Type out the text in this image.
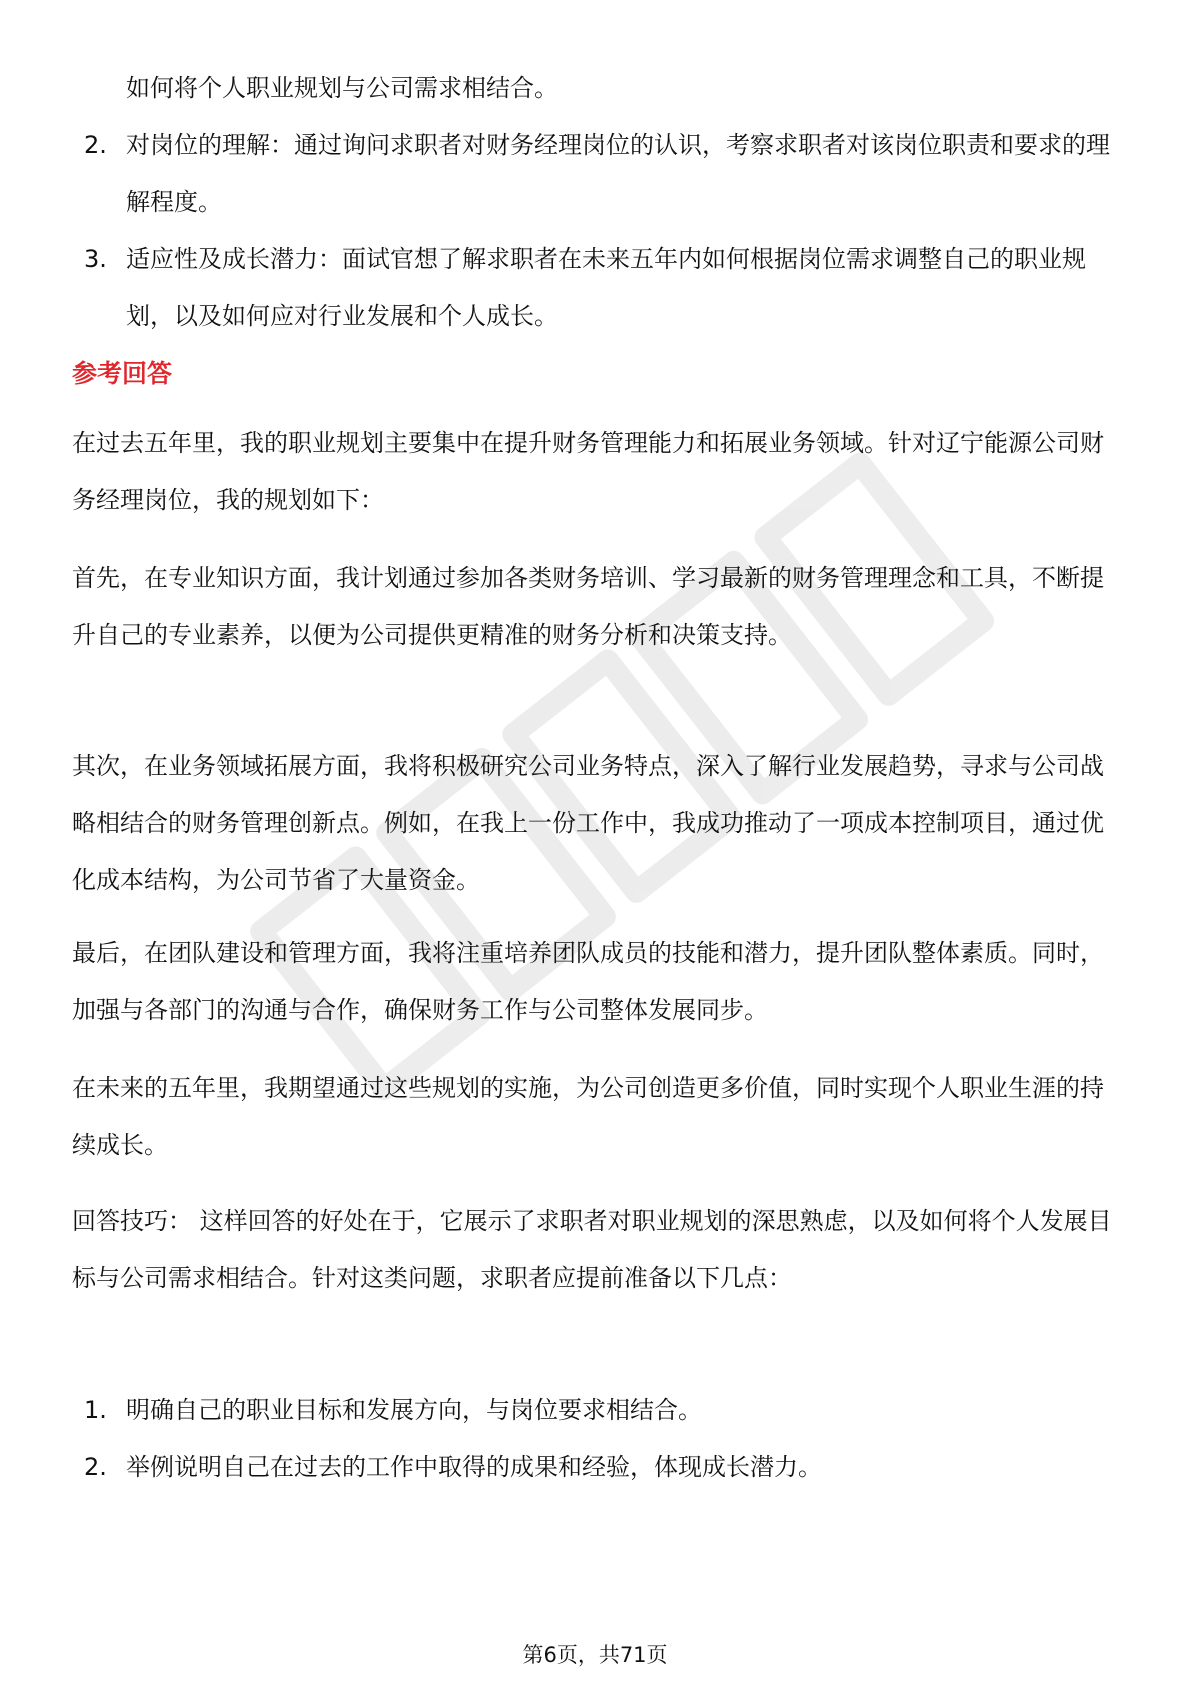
如何将个人职业规划与公司需求相结合。
2. 对岗位的理解：通过询问求职者对财务经理岗位的认识，考察求职者对该岗位职责和要求的理解程度。
3. 适应性及成长潜力：面试官想了解求职者在未来五年内如何根据岗位需求调整自己的职业规划，以及如何应对行业发展和个人成长。
参考回答
在过去五年里，我的职业规划主要集中在提升财务管理能力和拓展业务领域。针对辽宁能源公司财务经理岗位，我的规划如下：
首先，在专业知识方面，我计划通过参加各类财务培训、学习最新的财务管理理念和工具，不断提升自己的专业素养，以便为公司提供更精准的财务分析和决策支持。
其次，在业务领域拓展方面，我将积极研究公司业务特点，深入了解行业发展趋势，寻求与公司战略相结合的财务管理创新点。例如，在我上一份工作中，我成功推动了一项成本控制项目，通过优化成本结构，为公司节省了大量资金。
最后，在团队建设和管理方面，我将注重培养团队成员的技能和潜力，提升团队整体素质。同时，加强与各部门的沟通与合作，确保财务工作与公司整体发展同步。
在未来的五年里，我期望通过这些规划的实施，为公司创造更多价值，同时实现个人职业生涯的持续成长。
回答技巧： 这样回答的好处在于，它展示了求职者对职业规划的深思熟虑，以及如何将个人发展目标与公司需求相结合。针对这类问题，求职者应提前准备以下几点：
1. 明确自己的职业目标和发展方向，与岗位要求相结合。
2. 举例说明自己在过去的工作中取得的成果和经验，体现成长潜力。
第6页，共71页
